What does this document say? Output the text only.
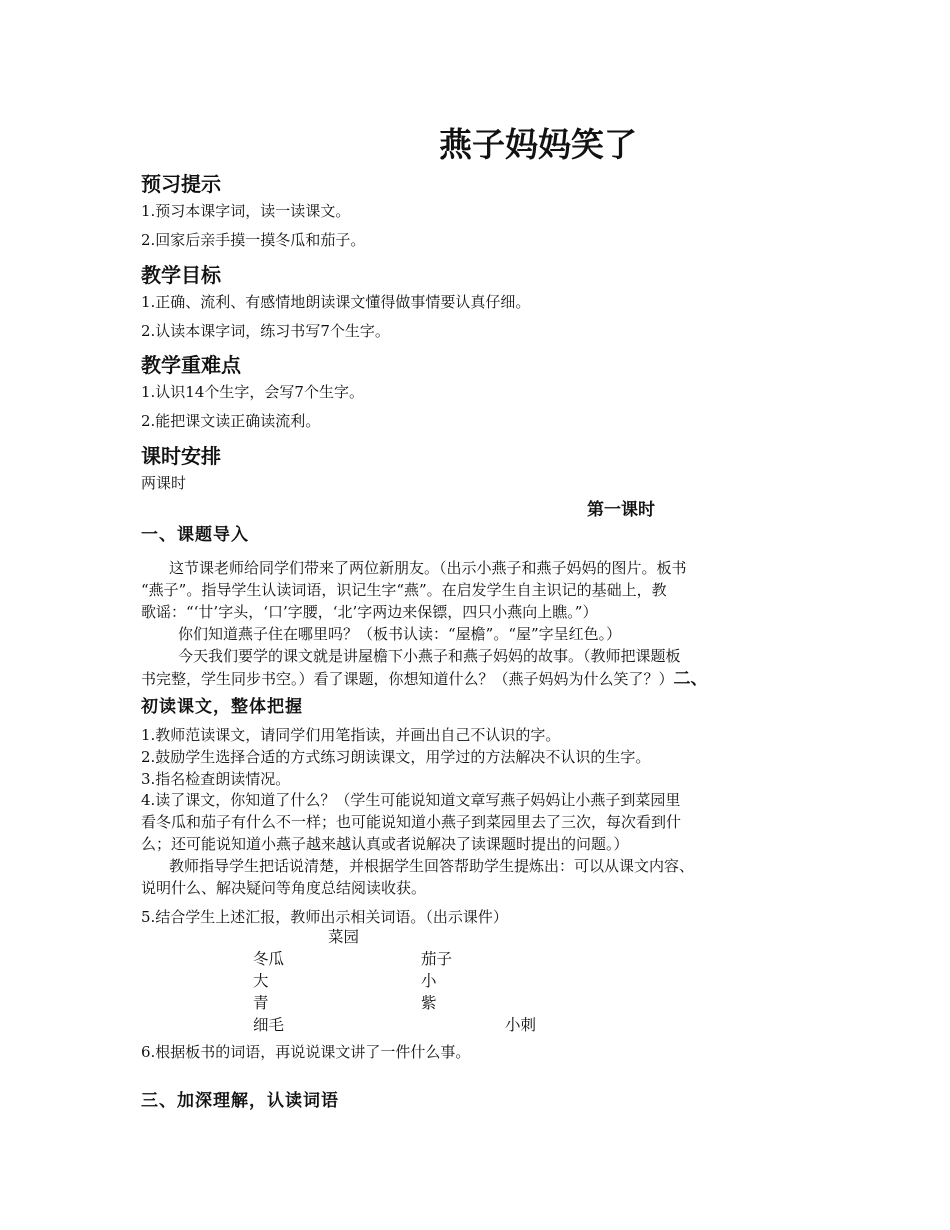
燕子妈妈笑了
预习提示
1.预习本课字词，读一读课文。
2.回家后亲手摸一摸冬瓜和茄子。
教学目标
1.正确、流利、有感情地朗读课文懂得做事情要认真仔细。
2.认读本课字词，练习书写7个生字。
教学重难点
1.认识14个生字，会写7个生字。
2.能把课文读正确读流利。
课时安排
两课时
第一课时
一、课题导入
这节课老师给同学们带来了两位新朋友。（出示小燕子和燕子妈妈的图片。板书
“燕子”。指导学生认读词语，识记生字“燕”。在启发学生自主识记的基础上，教
歌谣：“‘廿’字头，‘口’字腰，‘北’字两边来保镖，四只小燕向上瞧。”）
你们知道燕子住在哪里吗？（板书认读：“屋檐”。“屋”字呈红色。）
今天我们要学的课文就是讲屋檐下小燕子和燕子妈妈的故事。（教师把课题板
书完整，学生同步书空。）看了课题，你想知道什么？（燕子妈妈为什么笑了？）二、
初读课文，整体把握
1.教师范读课文，请同学们用笔指读，并画出自己不认识的字。
2.鼓励学生选择合适的方式练习朗读课文，用学过的方法解决不认识的生字。
3.指名检查朗读情况。
4.读了课文，你知道了什么？（学生可能说知道文章写燕子妈妈让小燕子到菜园里
看冬瓜和茄子有什么不一样；也可能说知道小燕子到菜园里去了三次，每次看到什
么；还可能说知道小燕子越来越认真或者说解决了读课题时提出的问题。）
教师指导学生把话说清楚，并根据学生回答帮助学生提炼出：可以从课文内容、
说明什么、解决疑问等角度总结阅读收获。
5.结合学生上述汇报，教师出示相关词语。（出示课件）
菜园
冬瓜	茄子
大	小
青	紫
细毛	小刺
6.根据板书的词语，再说说课文讲了一件什么事。
三、加深理解，认读词语
